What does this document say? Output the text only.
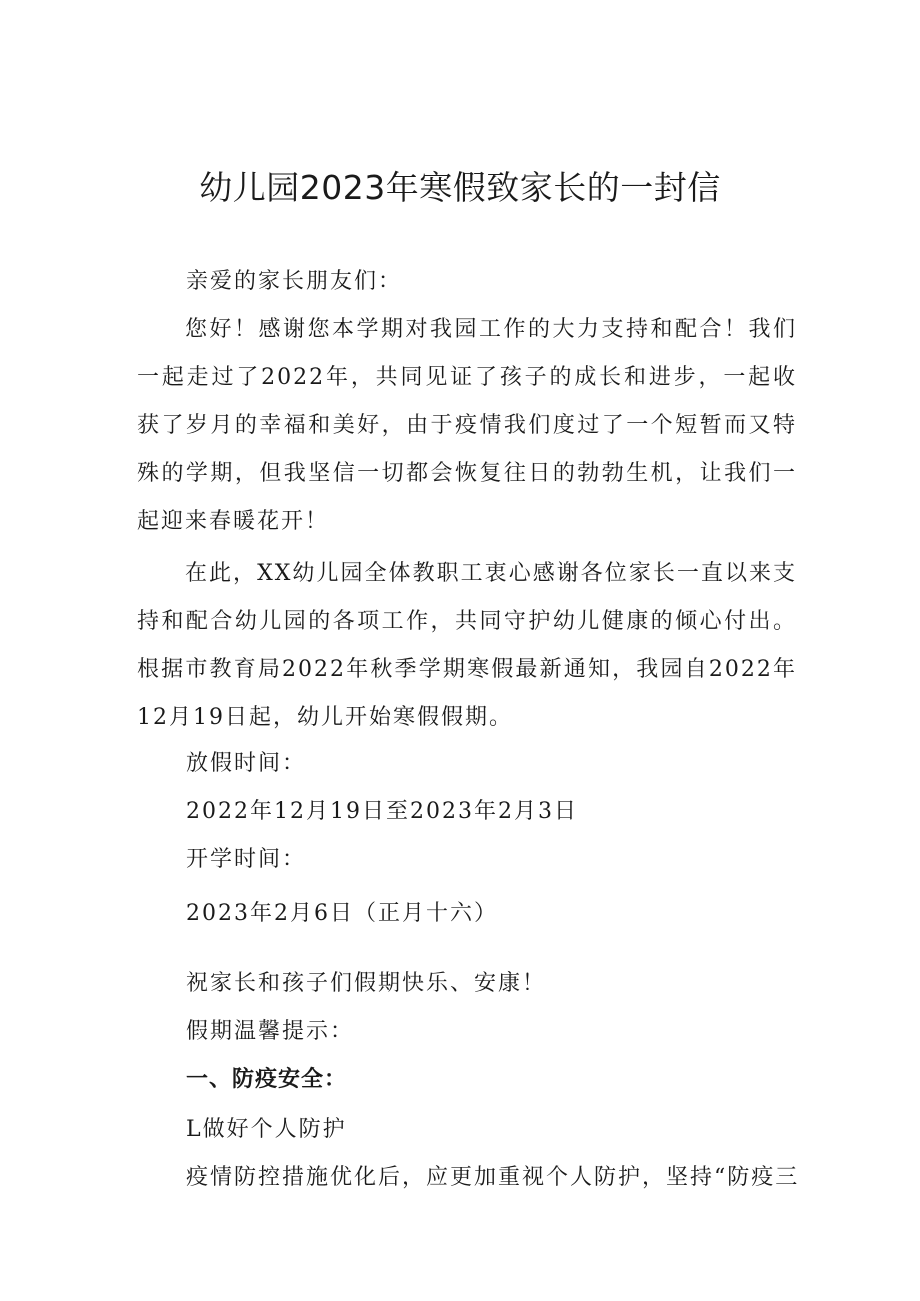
幼儿园2023年寒假致家长的一封信

亲爱的家长朋友们：

您好！感谢您本学期对我园工作的大力支持和配合！我们一起走过了2022年，共同见证了孩子的成长和进步，一起收获了岁月的幸福和美好，由于疫情我们度过了一个短暂而又特殊的学期，但我坚信一切都会恢复往日的勃勃生机，让我们一起迎来春暖花开！

在此，XX幼儿园全体教职工衷心感谢各位家长一直以来支持和配合幼儿园的各项工作，共同守护幼儿健康的倾心付出。根据市教育局2022年秋季学期寒假最新通知，我园自2022年12月19日起，幼儿开始寒假假期。

放假时间：

2022年12月19日至2023年2月3日

开学时间：

2023年2月6日（正月十六）

祝家长和孩子们假期快乐、安康！

假期温馨提示：

一、防疫安全：

L做好个人防护

疫情防控措施优化后，应更加重视个人防护，坚持“防疫三
